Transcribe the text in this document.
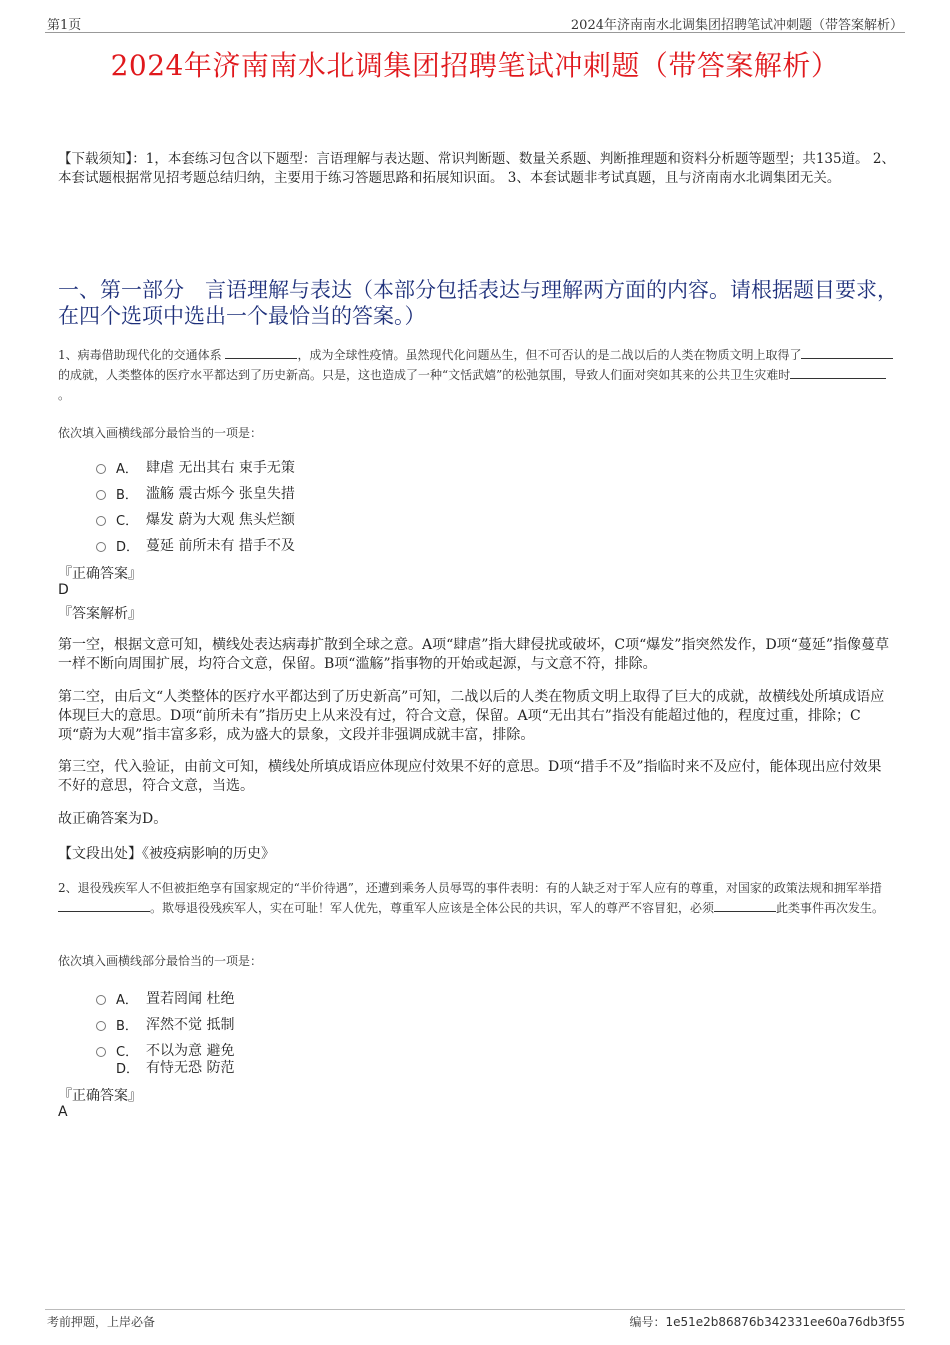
第1页	2024年济南南水北调集团招聘笔试冲刺题（带答案解析）
2024年济南南水北调集团招聘笔试冲刺题（带答案解析）
【下载须知】：1，本套练习包含以下题型：言语理解与表达题、常识判断题、数量关系题、判断推理题和资料分析题等题型；共135道。 2、本套试题根据常见招考题总结归纳，主要用于练习答题思路和拓展知识面。 3、本套试题非考试真题，且与济南南水北调集团无关。
一、第一部分　言语理解与表达（本部分包括表达与理解两方面的内容。请根据题目要求，在四个选项中选出一个最恰当的答案。）
1、病毒借助现代化的交通体系	，成为全球性疫情。虽然现代化问题丛生，但不可否认的是二战以后的人类在物质文明上取得了的成就，人类整体的医疗水平都达到了历史新高。只是，这也造成了一种“文恬武嬉”的松弛氛围，导致人们面对突如其来的公共卫生灾难时。
依次填入画横线部分最恰当的一项是：
A． 肆虐 无出其右 束手无策
B． 滥觞 震古烁今 张皇失措
C． 爆发 蔚为大观 焦头烂额
D． 蔓延 前所未有 措手不及
『正确答案』
D
『答案解析』
第一空，根据文意可知，横线处表达病毒扩散到全球之意。A项“肆虐”指大肆侵扰或破坏，C项“爆发”指突然发作，D项“蔓延”指像蔓草一样不断向周围扩展，均符合文意，保留。B项“滥觞”指事物的开始或起源，与文意不符，排除。
第二空，由后文“人类整体的医疗水平都达到了历史新高”可知，二战以后的人类在物质文明上取得了巨大的成就，故横线处所填成语应体现巨大的意思。D项“前所未有”指历史上从来没有过，符合文意，保留。A项“无出其右”指没有能超过他的，程度过重，排除；C项“蔚为大观”指丰富多彩，成为盛大的景象，文段并非强调成就丰富，排除。
第三空，代入验证，由前文可知，横线处所填成语应体现应付效果不好的意思。D项“措手不及”指临时来不及应付，能体现出应付效果不好的意思，符合文意，当选。
故正确答案为D。
【文段出处】《被疫病影响的历史》
2、退役残疾军人不但被拒绝享有国家规定的“半价待遇”，还遭到乘务人员辱骂的事件表明：有的人缺乏对于军人应有的尊重，对国家的政策法规和拥军举措 。欺辱退役残疾军人，实在可耻！军人优先，尊重军人应该是全体公民的共识，军人的尊严不容冒犯，必须	此类事件再次发生。
依次填入画横线部分最恰当的一项是：
A． 置若罔闻 杜绝
B． 浑然不觉 抵制
C． 不以为意 避免
D． 有恃无恐 防范
『正确答案』
A
考前押题，上岸必备	编号：1e51e2b86876b342331ee60a76db3f55
